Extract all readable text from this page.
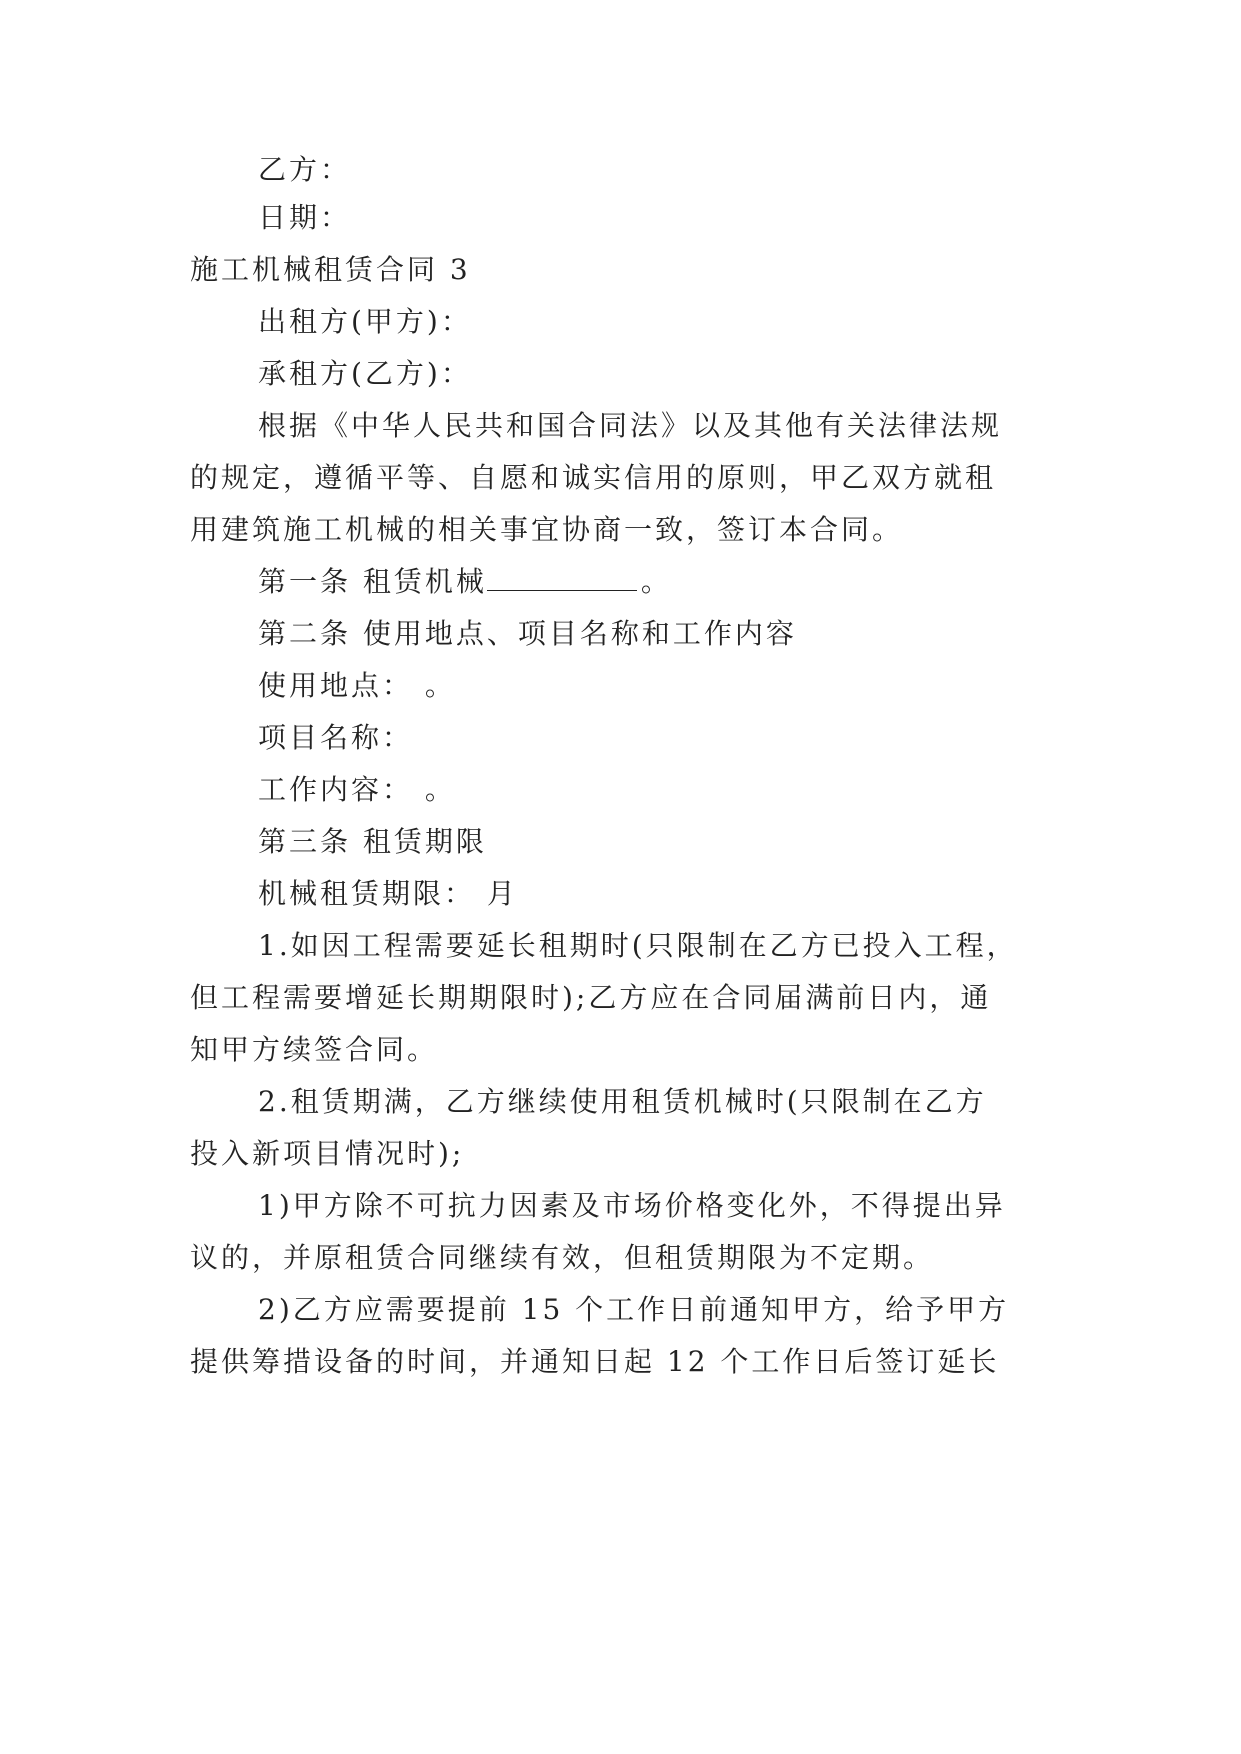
乙方：
日期：
施工机械租赁合同 3
出租方(甲方)：
承租方(乙方)：
根据《中华人民共和国合同法》以及其他有关法律法规
的规定，遵循平等、自愿和诚实信用的原则，甲乙双方就租
用建筑施工机械的相关事宜协商一致，签订本合同。
第一条 租赁机械	。
第二条 使用地点、项目名称和工作内容
使用地点： 。
项目名称：
工作内容： 。
第三条 租赁期限
机械租赁期限： 月
1.如因工程需要延长租期时(只限制在乙方已投入工程，
但工程需要增延长期期限时);乙方应在合同届满前日内，通
知甲方续签合同。
2.租赁期满，乙方继续使用租赁机械时(只限制在乙方
投入新项目情况时);
1)甲方除不可抗力因素及市场价格变化外，不得提出异
议的，并原租赁合同继续有效，但租赁期限为不定期。
2)乙方应需要提前 15 个工作日前通知甲方，给予甲方
提供筹措设备的时间，并通知日起 12 个工作日后签订延长
